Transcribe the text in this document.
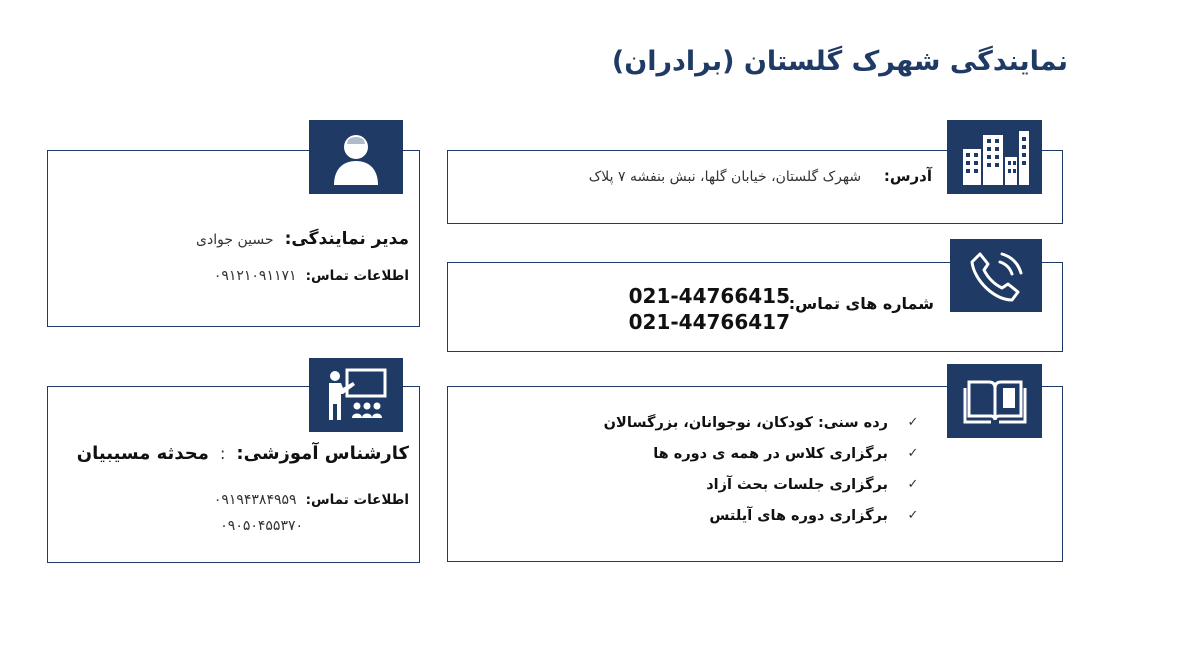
نمایندگی شهرک گلستان (برادران)
آدرس: شهرک گلستان، خیابان گلها، نبش بنفشه ۷ پلاک
شماره های تماس:
021-44766415
021-44766417
✓
رده سنی: کودکان، نوجوانان، بزرگسالان
✓
برگزاری کلاس در همه ی دوره ها
✓
برگزاری جلسات بحث آزاد
✓
برگزاری دوره های آیلتس
مدیر نمایندگی: حسین جوادی
اطلاعات تماس: ۰۹۱۲۱۰۹۱۱۷۱
کارشناس آموزشی: : محدثه مسیبیان
اطلاعات تماس: ۰۹۱۹۴۳۸۴۹۵۹
۰۹۰۵۰۴۵۵۳۷۰
